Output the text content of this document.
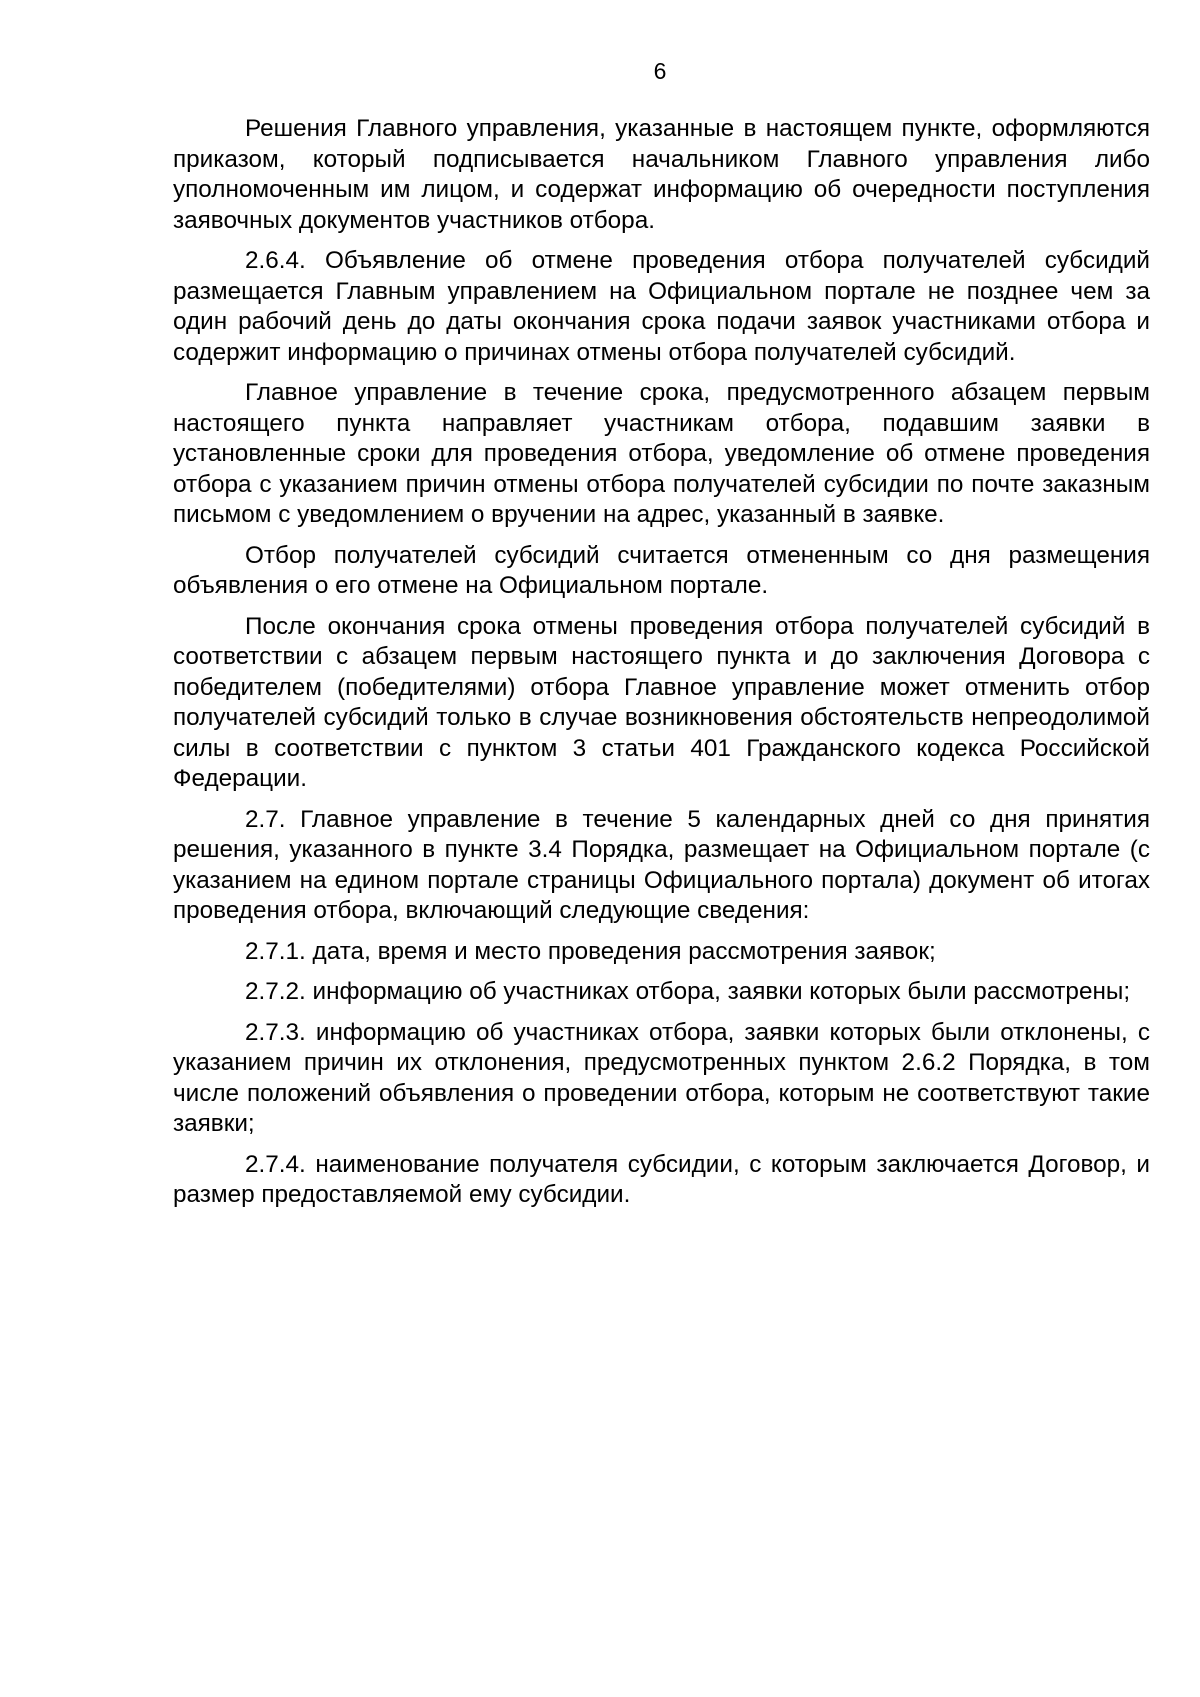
6

Решения Главного управления, указанные в настоящем пункте, оформляются приказом, который подписывается начальником Главного управления либо уполномоченным им лицом, и содержат информацию об очередности поступления заявочных документов участников отбора.

2.6.4. Объявление об отмене проведения отбора получателей субсидий размещается Главным управлением на Официальном портале не позднее чем за один рабочий день до даты окончания срока подачи заявок участниками отбора и содержит информацию о причинах отмены отбора получателей субсидий.

Главное управление в течение срока, предусмотренного абзацем первым настоящего пункта направляет участникам отбора, подавшим заявки в установленные сроки для проведения отбора, уведомление об отмене проведения отбора с указанием причин отмены отбора получателей субсидии по почте заказным письмом с уведомлением о вручении на адрес, указанный в заявке.

Отбор получателей субсидий считается отмененным со дня размещения объявления о его отмене на Официальном портале.

После окончания срока отмены проведения отбора получателей субсидий в соответствии с абзацем первым настоящего пункта и до заключения Договора с победителем (победителями) отбора Главное управление может отменить отбор получателей субсидий только в случае возникновения обстоятельств непреодолимой силы в соответствии с пунктом 3 статьи 401 Гражданского кодекса Российской Федерации.

2.7. Главное управление в течение 5 календарных дней со дня принятия решения, указанного в пункте 3.4 Порядка, размещает на Официальном портале (с указанием на едином портале страницы Официального портала) документ об итогах проведения отбора, включающий следующие сведения:

2.7.1. дата, время и место проведения рассмотрения заявок;

2.7.2. информацию об участниках отбора, заявки которых были рассмотрены;

2.7.3. информацию об участниках отбора, заявки которых были отклонены, с указанием причин их отклонения, предусмотренных пунктом 2.6.2 Порядка, в том числе положений объявления о проведении отбора, которым не соответствуют такие заявки;

2.7.4. наименование получателя субсидии, с которым заключается Договор, и размер предоставляемой ему субсидии.
